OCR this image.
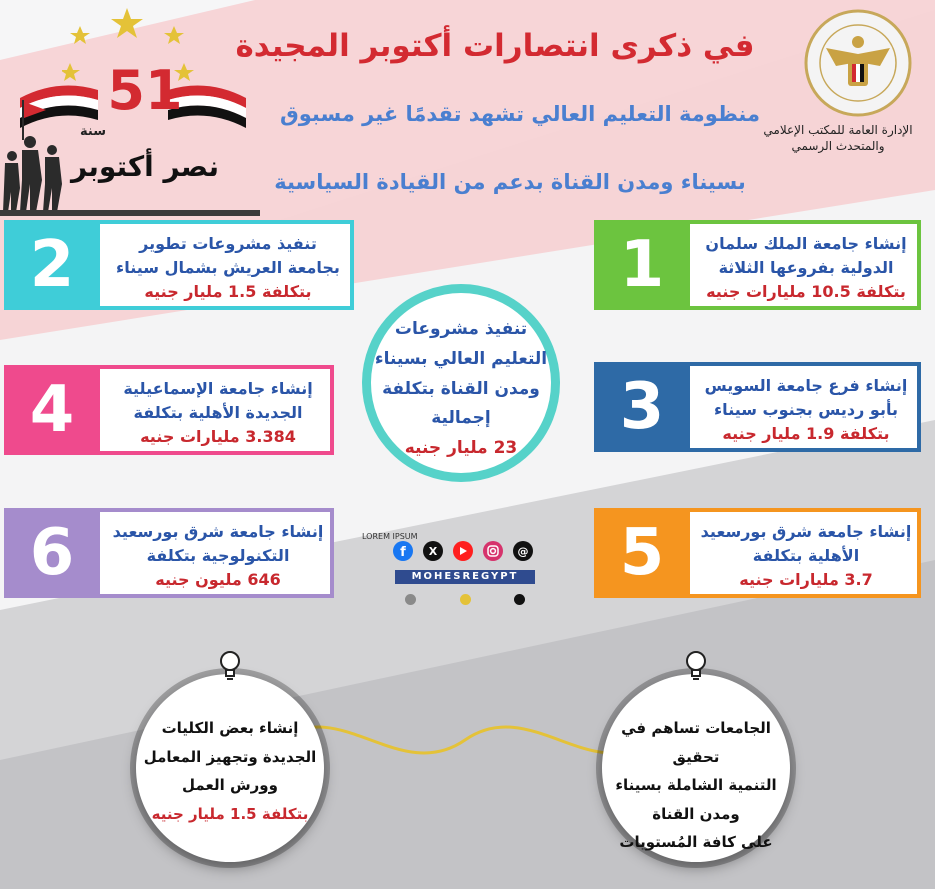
51
سنة
نصر أكتوبر
الإدارة العامة للمكتب الإعلامي
والمتحدث الرسمي
في ذكرى انتصارات أكتوبر المجيدة
منظومة التعليم العالي تشهد تقدمًا غير مسبوق
بسيناء ومدن القناة بدعم من القيادة السياسية
1	إنشاء جامعة الملك سلمان
الدولية بفروعها الثلاثة
بتكلفة 10.5 مليارات جنيه
2	تنفيذ مشروعات تطوير
بجامعة العريش بشمال سيناء
بتكلفة 1.5 مليار جنيه
3	إنشاء فرع جامعة السويس
بأبو رديس بجنوب سيناء
بتكلفة 1.9 مليار جنيه
4	إنشاء جامعة الإسماعيلية
الجديدة الأهلية بتكلفة
3.384 مليارات جنيه
5	إنشاء جامعة شرق بورسعيد
الأهلية بتكلفة
3.7 مليارات جنيه
6	إنشاء جامعة شرق بورسعيد
التكنولوجية بتكلفة
646 مليون جنيه
تنفيذ مشروعات
التعليم العالي بسيناء
ومدن القناة بتكلفة
إجمالية
23 مليار جنيه
LOREM IPSUM
f X	@
MOHESREGYPT
إنشاء بعض الكليات
الجديدة وتجهيز المعامل
وورش العمل
بتكلفة 1.5 مليار جنيه
الجامعات تساهم في تحقيق
التنمية الشاملة بسيناء
ومدن القناة
على كافة المُستويات
